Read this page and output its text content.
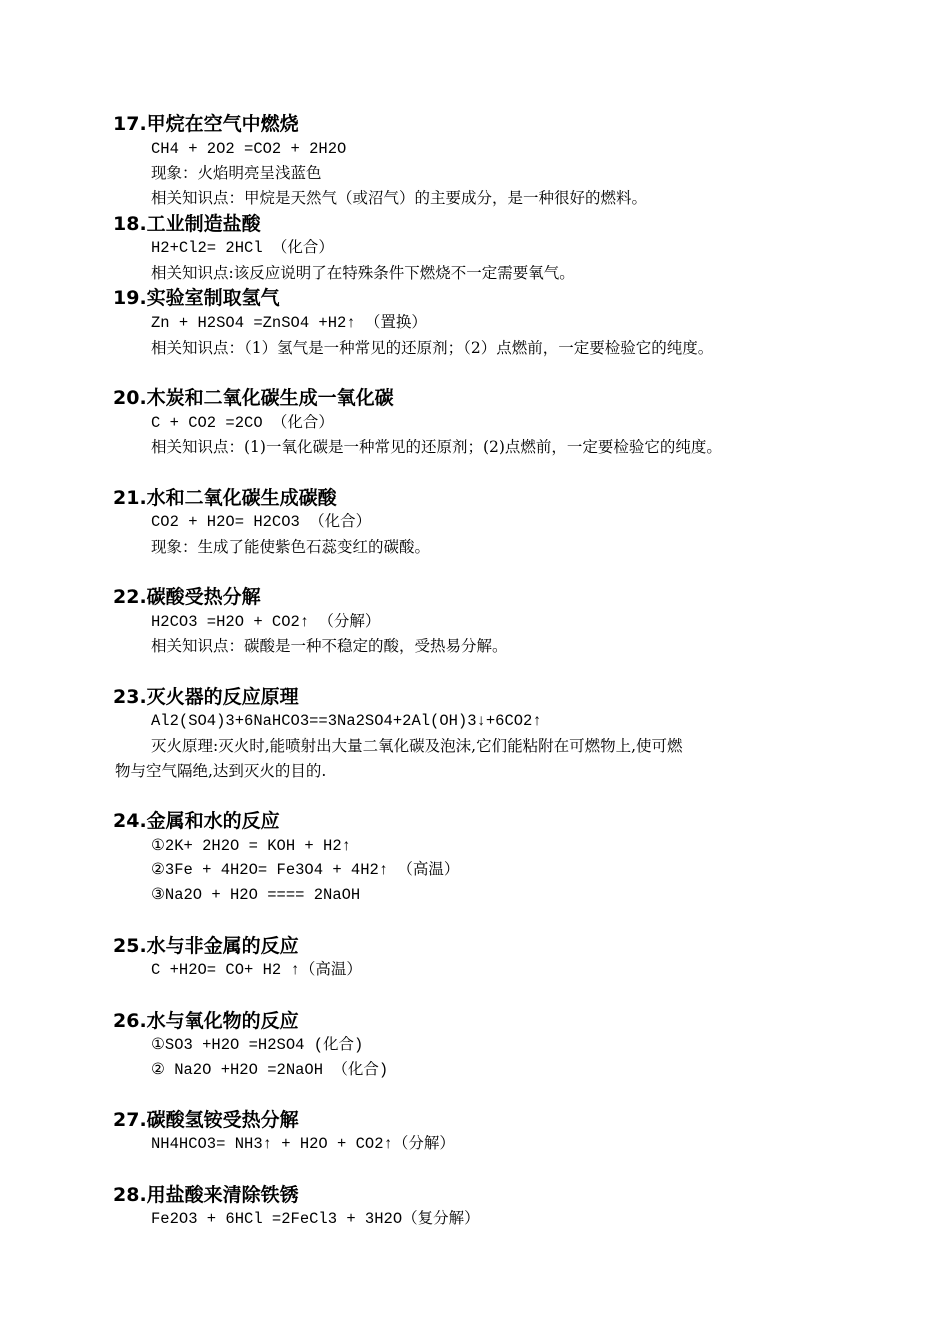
17.甲烷在空气中燃烧
CH4 + 2O2 =CO2 + 2H2O
现象：火焰明亮呈浅蓝色
相关知识点：甲烷是天然气（或沼气）的主要成分，是一种很好的燃料。
18.工业制造盐酸
H2+Cl2= 2HCl （化合）
相关知识点:该反应说明了在特殊条件下燃烧不一定需要氧气。
19.实验室制取氢气
Zn + H2SO4 =ZnSO4 +H2↑ （置换）
相关知识点：（1）氢气是一种常见的还原剂；（2）点燃前，一定要检验它的纯度。
20.木炭和二氧化碳生成一氧化碳
C + CO2 =2CO （化合）
相关知识点：(1)一氧化碳是一种常见的还原剂；(2)点燃前，一定要检验它的纯度。
21.水和二氧化碳生成碳酸
CO2 + H2O= H2CO3 （化合）
现象：生成了能使紫色石蕊变红的碳酸。
22.碳酸受热分解
H2CO3 =H2O + CO2↑ （分解）
相关知识点：碳酸是一种不稳定的酸，受热易分解。
23.灭火器的反应原理
Al2(SO4)3+6NaHCO3==3Na2SO4+2Al(OH)3↓+6CO2↑
灭火原理:灭火时,能喷射出大量二氧化碳及泡沫,它们能粘附在可燃物上,使可燃
物与空气隔绝,达到灭火的目的.
24.金属和水的反应
①2K+ 2H2O = KOH + H2↑
②3Fe + 4H2O= Fe3O4 + 4H2↑ （高温）
③Na2O + H2O ==== 2NaOH
25.水与非金属的反应
C +H2O= CO+ H2 ↑（高温）
26.水与氧化物的反应
①SO3 +H2O =H2SO4 (化合)
② Na2O +H2O =2NaOH （化合)
27.碳酸氢铵受热分解
NH4HCO3= NH3↑ + H2O + CO2↑（分解）
28.用盐酸来清除铁锈
Fe2O3 + 6HCl =2FeCl3 + 3H2O（复分解）
